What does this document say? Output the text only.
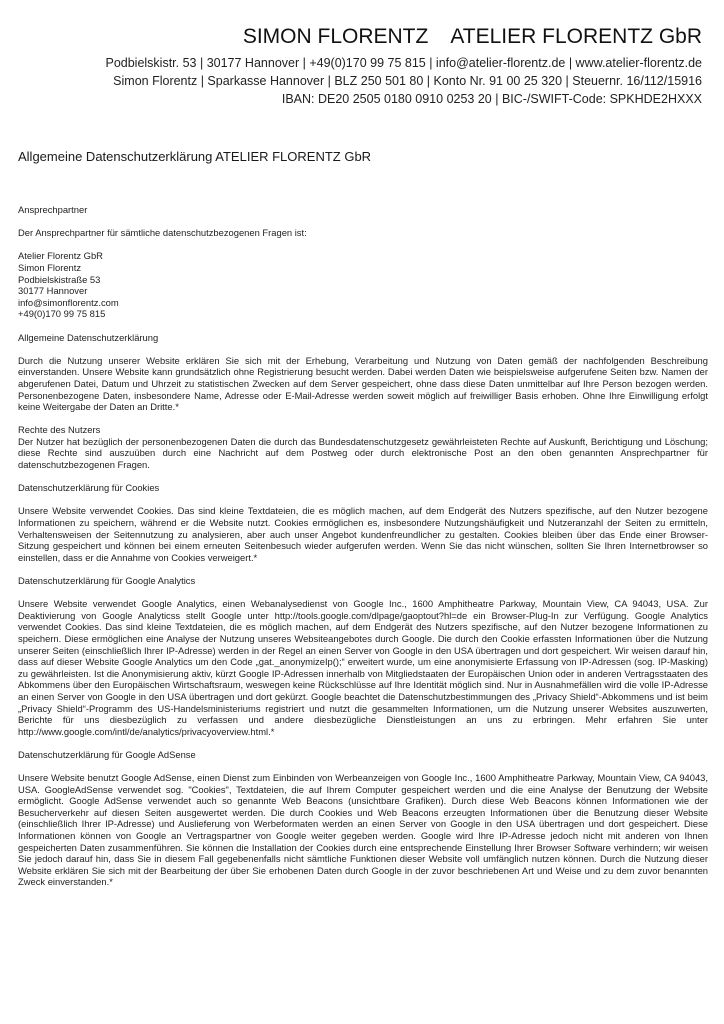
SIMON FLORENTZ ATELIER FLORENTZ GbR
Podbielskistr. 53 | 30177 Hannover | +49(0)170 99 75 815 | info@atelier-florentz.de | www.atelier-florentz.de
Simon Florentz | Sparkasse Hannover | BLZ 250 501 80 | Konto Nr. 91 00 25 320 | Steuernr. 16/112/15916
IBAN: DE20 2505 0180 0910 0253 20 | BIC-/SWIFT-Code: SPKHDE2HXXX
Allgemeine Datenschutzerklärung ATELIER FLORENTZ GbR
Ansprechpartner

Der Ansprechpartner für sämtliche datenschutzbezogenen Fragen ist:

Atelier Florentz GbR
Simon Florentz
Podbielskistraße 53
30177 Hannover
info@simonflorentz.com
+49(0)170 99 75 815
Allgemeine Datenschutzerklärung

Durch die Nutzung unserer Website erklären Sie sich mit der Erhebung, Verarbeitung und Nutzung von Daten gemäß der nachfolgenden Beschreibung einverstanden. Unsere Website kann grundsätzlich ohne Registrierung besucht werden. Dabei werden Daten wie beispielsweise aufgerufene Seiten bzw. Namen der abgerufenen Datei, Datum und Uhrzeit zu statistischen Zwecken auf dem Server gespeichert, ohne dass diese Daten unmittelbar auf Ihre Person bezogen werden. Personenbezogene Daten, insbesondere Name, Adresse oder E-Mail-Adresse werden soweit möglich auf freiwilliger Basis erhoben. Ohne Ihre Einwilligung erfolgt keine Weitergabe der Daten an Dritte.*

Rechte des Nutzers

Der Nutzer hat bezüglich der personenbezogenen Daten die durch das Bundesdatenschutzgesetz gewährleisteten Rechte auf Auskunft, Berichtigung und Löschung; diese Rechte sind auszuüben durch eine Nachricht auf dem Postweg oder durch elektronische Post an den oben genannten Ansprechpartner für datenschutzbezogenen Fragen.

Datenschutzerklärung für Cookies

Unsere Website verwendet Cookies. Das sind kleine Textdateien, die es möglich machen, auf dem Endgerät des Nutzers spezifische, auf den Nutzer bezogene Informationen zu speichern, während er die Website nutzt. Cookies ermöglichen es, insbesondere Nutzungshäufigkeit und Nutzeranzahl der Seiten zu ermitteln, Verhaltensweisen der Seitennutzung zu analysieren, aber auch unser Angebot kundenfreundlicher zu gestalten. Cookies bleiben über das Ende einer Browser-Sitzung gespeichert und können bei einem erneuten Seitenbesuch wieder aufgerufen werden. Wenn Sie das nicht wünschen, sollten Sie Ihren Internetbrowser so einstellen, dass er die Annahme von Cookies verweigert.*

Datenschutzerklärung für Google Analytics

Unsere Website verwendet Google Analytics, einen Webanalysedienst von Google Inc., 1600 Amphitheatre Parkway, Mountain View, CA 94043, USA. Zur Deaktivierung von Google Analyticss stellt Google unter http://tools.google.com/dlpage/gaoptout?hl=de ein Browser-Plug-In zur Verfügung. Google Analytics verwendet Cookies. Das sind kleine Textdateien, die es möglich machen, auf dem Endgerät des Nutzers spezifische, auf den Nutzer bezogene Informationen zu speichern. Diese ermöglichen eine Analyse der Nutzung unseres Websiteangebotes durch Google. Die durch den Cookie erfassten Informationen über die Nutzung unserer Seiten (einschließlich Ihrer IP-Adresse) werden in der Regel an einen Server von Google in den USA übertragen und dort gespeichert. Wir weisen darauf hin, dass auf dieser Website Google Analytics um den Code „gat._anonymizeIp();“ erweitert wurde, um eine anonymisierte Erfassung von IP-Adressen (sog. IP-Masking) zu gewährleisten. Ist die Anonymisierung aktiv, kürzt Google IP-Adressen innerhalb von Mitgliedstaaten der Europäischen Union oder in anderen Vertragsstaaten des Abkommens über den Europäischen Wirtschaftsraum, weswegen keine Rückschlüsse auf Ihre Identität möglich sind. Nur in Ausnahmefällen wird die volle IP-Adresse an einen Server von Google in den USA übertragen und dort gekürzt. Google beachtet die Datenschutzbestimmungen des „Privacy Shield“-Abkommens und ist beim „Privacy Shield“-Programm des US-Handelsministeriums registriert und nutzt die gesammelten Informationen, um die Nutzung unserer Websites auszuwerten, Berichte für uns diesbezüglich zu verfassen und andere diesbezügliche Dienstleistungen an uns zu erbringen. Mehr erfahren Sie unter http://www.google.com/intl/de/analytics/privacyoverview.html.*

Datenschutzerklärung für Google AdSense

Unsere Website benutzt Google AdSense, einen Dienst zum Einbinden von Werbeanzeigen von Google Inc., 1600 Amphitheatre Parkway, Mountain View, CA 94043, USA. GoogleAdSense verwendet sog. "Cookies", Textdateien, die auf Ihrem Computer gespeichert werden und die eine Analyse der Benutzung der Website ermöglicht. Google AdSense verwendet auch so genannte Web Beacons (unsichtbare Grafiken). Durch diese Web Beacons können Informationen wie der Besucherverkehr auf diesen Seiten ausgewertet werden. Die durch Cookies und Web Beacons erzeugten Informationen über die Benutzung dieser Website (einschließlich Ihrer IP-Adresse) und Auslieferung von Werbeformaten werden an einen Server von Google in den USA übertragen und dort gespeichert. Diese Informationen können von Google an Vertragspartner von Google weiter gegeben werden. Google wird Ihre IP-Adresse jedoch nicht mit anderen von Ihnen gespeicherten Daten zusammenführen. Sie können die Installation der Cookies durch eine entsprechende Einstellung Ihrer Browser Software verhindern; wir weisen Sie jedoch darauf hin, dass Sie in diesem Fall gegebenenfalls nicht sämtliche Funktionen dieser Website voll umfänglich nutzen können. Durch die Nutzung dieser Website erklären Sie sich mit der Bearbeitung der über Sie erhobenen Daten durch Google in der zuvor beschriebenen Art und Weise und zu dem zuvor benannten Zweck einverstanden.*
